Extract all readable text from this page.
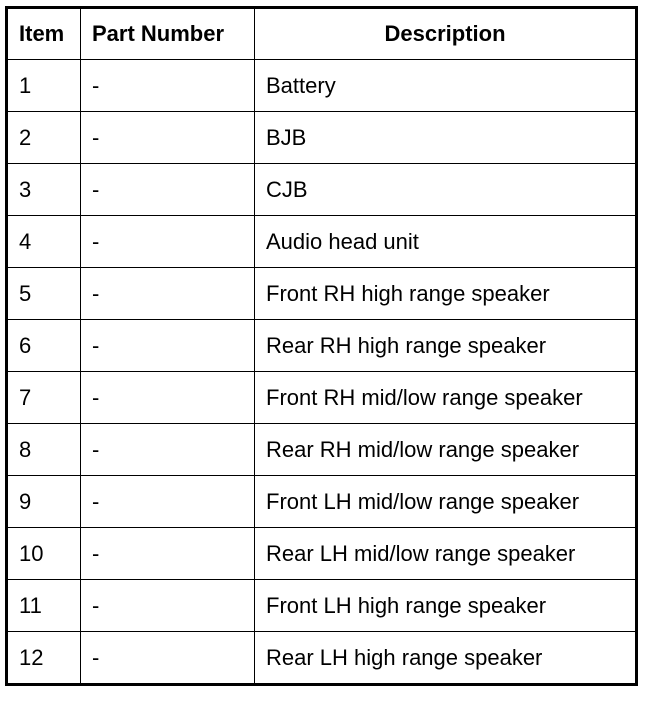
Item	Part Number	Description
1	-	Battery
2	-	BJB
3	-	CJB
4	-	Audio head unit
5	-	Front RH high range speaker
6	-	Rear RH high range speaker
7	-	Front RH mid/low range speaker
8	-	Rear RH mid/low range speaker
9	-	Front LH mid/low range speaker
10	-	Rear LH mid/low range speaker
11	-	Front LH high range speaker
12	-	Rear LH high range speaker
